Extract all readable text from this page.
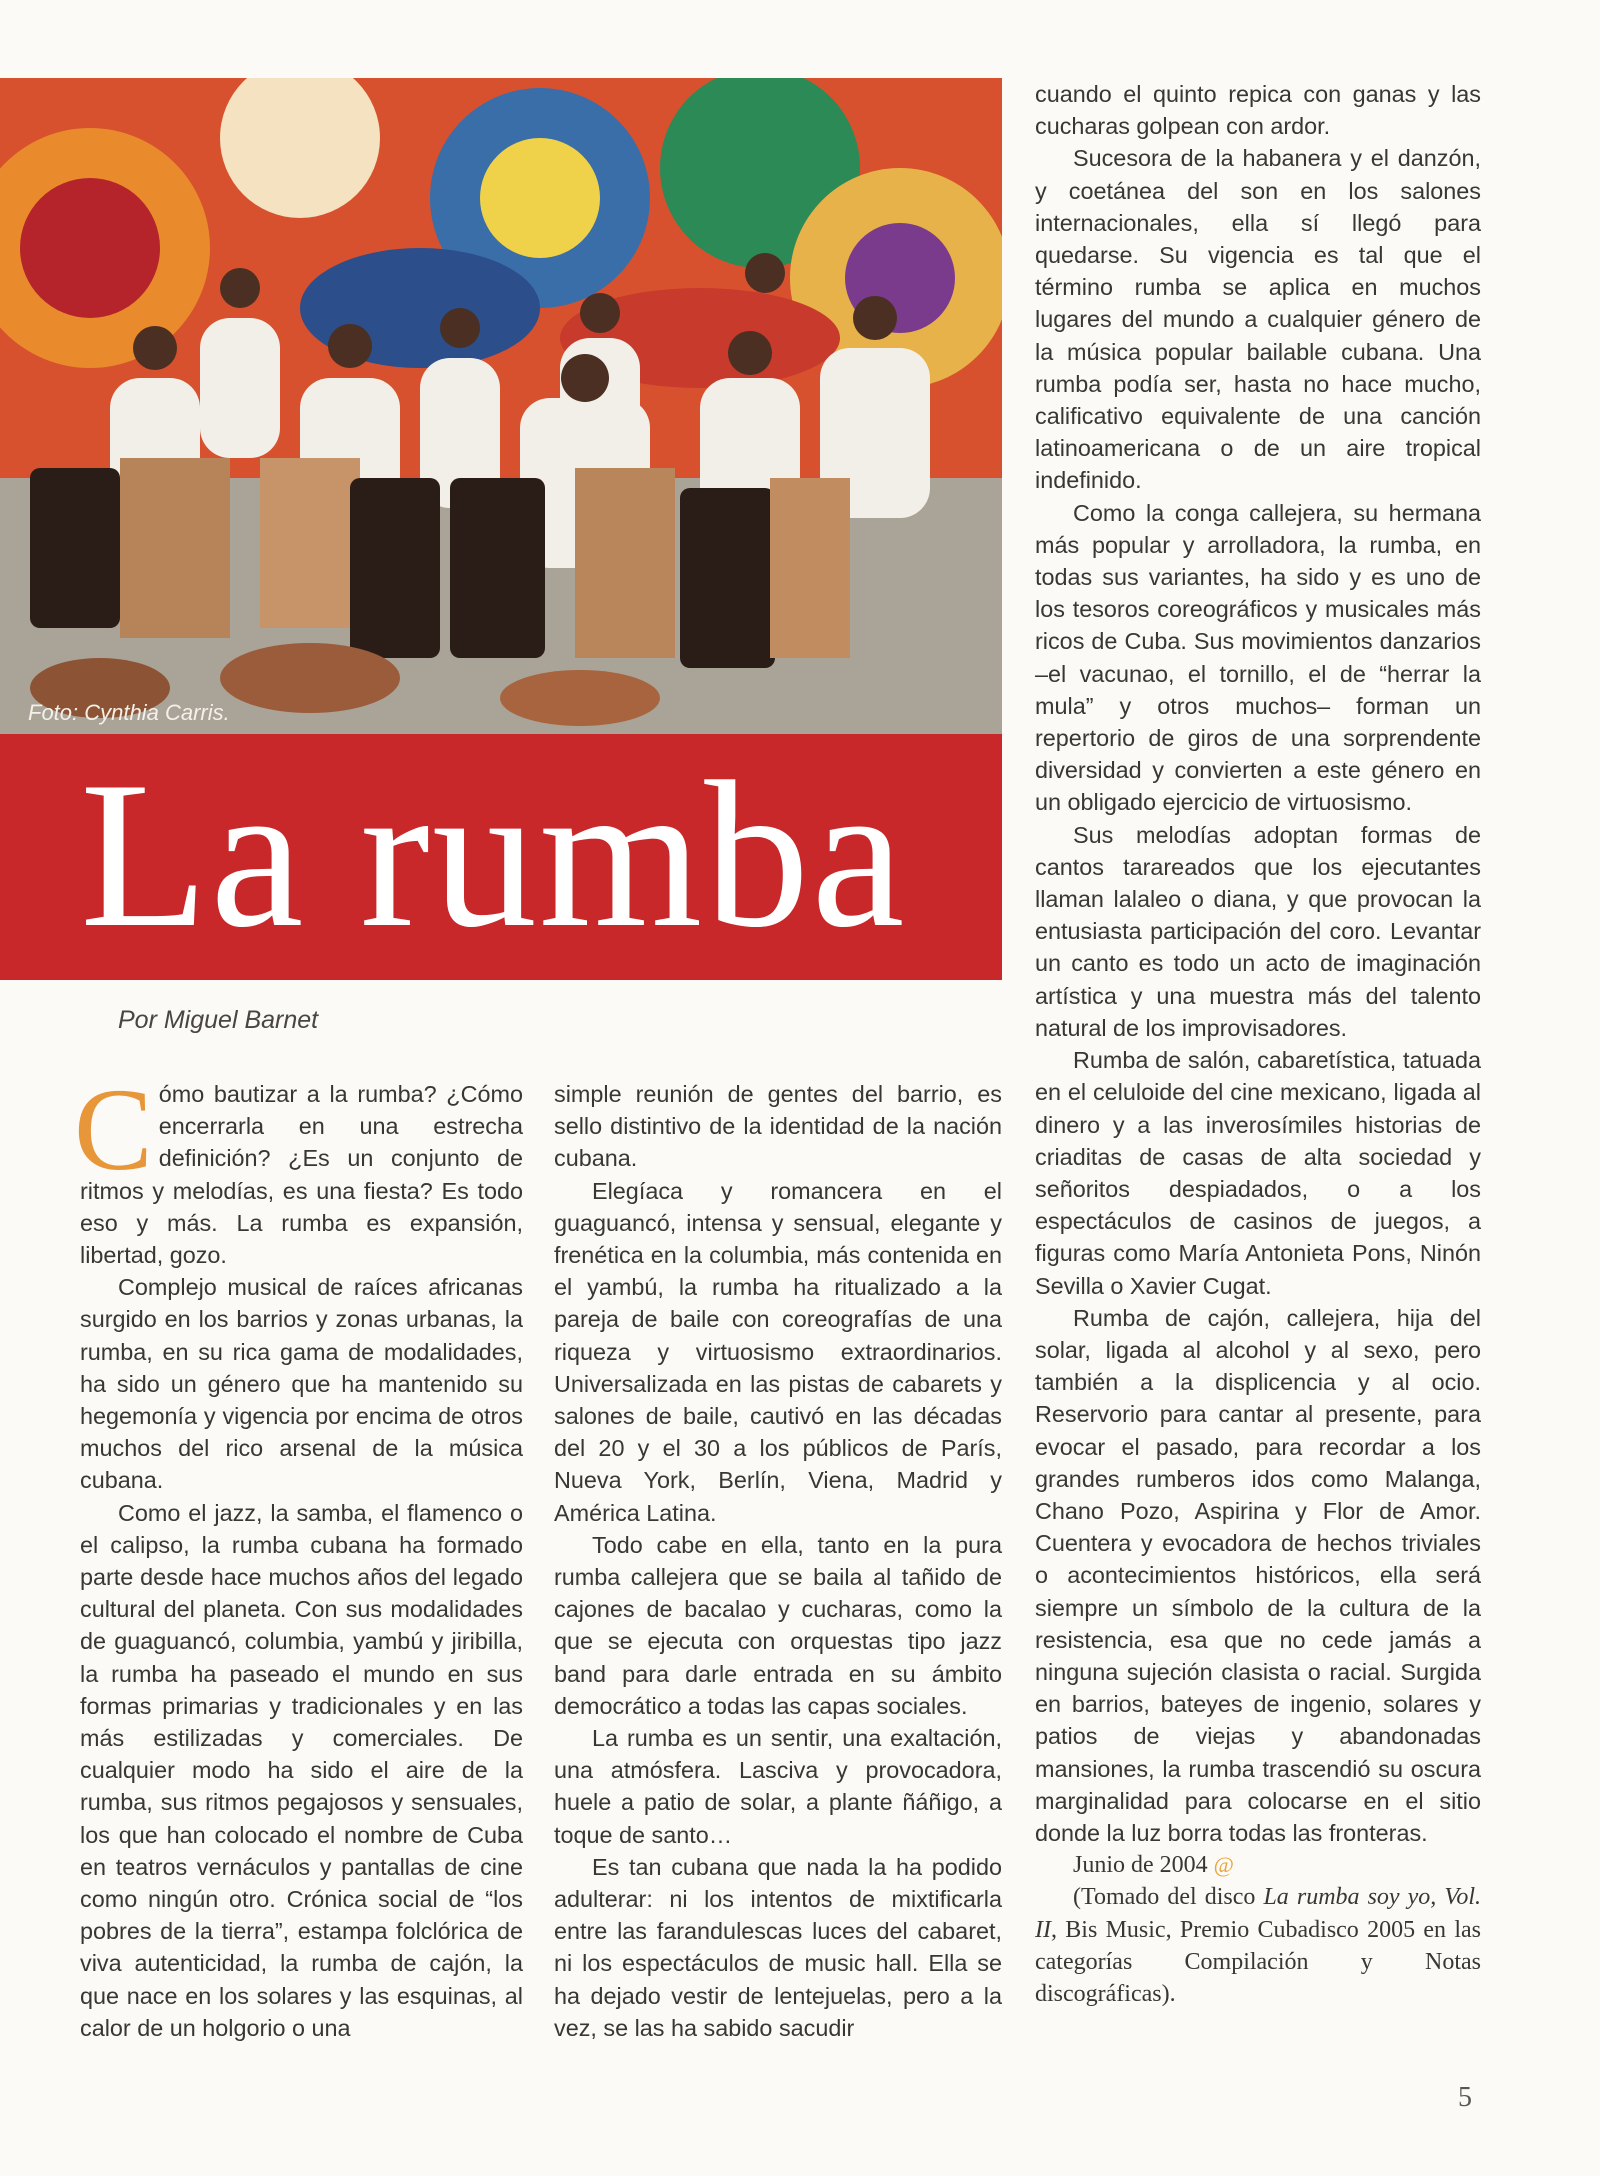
Foto: Cynthia Carris.
La rumba
Por Miguel Barnet

Cómo bautizar a la rumba? ¿Cómo encerrarla en una estrecha definición? ¿Es un conjunto de ritmos y melodías, es una fiesta? Es todo eso y más. La rumba es expansión, libertad, gozo.

Complejo musical de raíces africanas surgido en los barrios y zonas urbanas, la rumba, en su rica gama de modalidades, ha sido un género que ha mantenido su hegemonía y vigencia por encima de otros muchos del rico arsenal de la música cubana.

Como el jazz, la samba, el flamenco o el calipso, la rumba cubana ha formado parte desde hace muchos años del legado cultural del planeta. Con sus modalidades de guaguancó, columbia, yambú y jiribilla, la rumba ha paseado el mundo en sus formas primarias y tradicionales y en las más estilizadas y comerciales. De cualquier modo ha sido el aire de la rumba, sus ritmos pegajosos y sensuales, los que han colocado el nombre de Cuba en teatros vernáculos y pantallas de cine como ningún otro. Crónica social de “los pobres de la tierra”, estampa folclórica de viva autenticidad, la rumba de cajón, la que nace en los solares y las esquinas, al calor de un holgorio o una

simple reunión de gentes del barrio, es sello distintivo de la identidad de la nación cubana.

Elegíaca y romancera en el guaguancó, intensa y sensual, elegante y frenética en la columbia, más contenida en el yambú, la rumba ha ritualizado a la pareja de baile con coreografías de una riqueza y virtuosismo extraordinarios. Universalizada en las pistas de cabarets y salones de baile, cautivó en las décadas del 20 y el 30 a los públicos de París, Nueva York, Berlín, Viena, Madrid y América Latina.

Todo cabe en ella, tanto en la pura rumba callejera que se baila al tañido de cajones de bacalao y cucharas, como la que se ejecuta con orquestas tipo jazz band para darle entrada en su ámbito democrático a todas las capas sociales.

La rumba es un sentir, una exaltación, una atmósfera. Lasciva y provocadora, huele a patio de solar, a plante ñáñigo, a toque de santo…

Es tan cubana que nada la ha podido adulterar: ni los intentos de mixtificarla entre las farandulescas luces del cabaret, ni los espectáculos de music hall. Ella se ha dejado vestir de lentejuelas, pero a la vez, se las ha sabido sacudir

cuando el quinto repica con ganas y las cucharas golpean con ardor.

Sucesora de la habanera y el danzón, y coetánea del son en los salones internacionales, ella sí llegó para quedarse. Su vigencia es tal que el término rumba se aplica en muchos lugares del mundo a cualquier género de la música popular bailable cubana. Una rumba podía ser, hasta no hace mucho, calificativo equivalente de una canción latinoamericana o de un aire tropical indefinido.

Como la conga callejera, su hermana más popular y arrolladora, la rumba, en todas sus variantes, ha sido y es uno de los tesoros coreográficos y musicales más ricos de Cuba. Sus movimientos danzarios –el vacunao, el tornillo, el de “herrar la mula” y otros muchos– forman un repertorio de giros de una sorprendente diversidad y convierten a este género en un obligado ejercicio de virtuosismo.

Sus melodías adoptan formas de cantos tarareados que los ejecutantes llaman lalaleo o diana, y que provocan la entusiasta participación del coro. Levantar un canto es todo un acto de imaginación artística y una muestra más del talento natural de los improvisadores.

Rumba de salón, cabaretística, tatuada en el celuloide del cine mexicano, ligada al dinero y a las inverosímiles historias de criaditas de casas de alta sociedad y señoritos despiadados, o a los espectáculos de casinos de juegos, a figuras como María Antonieta Pons, Ninón Sevilla o Xavier Cugat.

Rumba de cajón, callejera, hija del solar, ligada al alcohol y al sexo, pero también a la displicencia y al ocio. Reservorio para cantar al presente, para evocar el pasado, para recordar a los grandes rumberos idos como Malanga, Chano Pozo, Aspirina y Flor de Amor. Cuentera y evocadora de hechos triviales o acontecimientos históricos, ella será siempre un símbolo de la cultura de la resistencia, esa que no cede jamás a ninguna sujeción clasista o racial. Surgida en barrios, bateyes de ingenio, solares y patios de viejas y abandonadas mansiones, la rumba trascendió su oscura marginalidad para colocarse en el sitio donde la luz borra todas las fronteras.

Junio de 2004 @

(Tomado del disco La rumba soy yo, Vol. II, Bis Music, Premio Cubadisco 2005 en las categorías Compilación y Notas discográficas).

5
